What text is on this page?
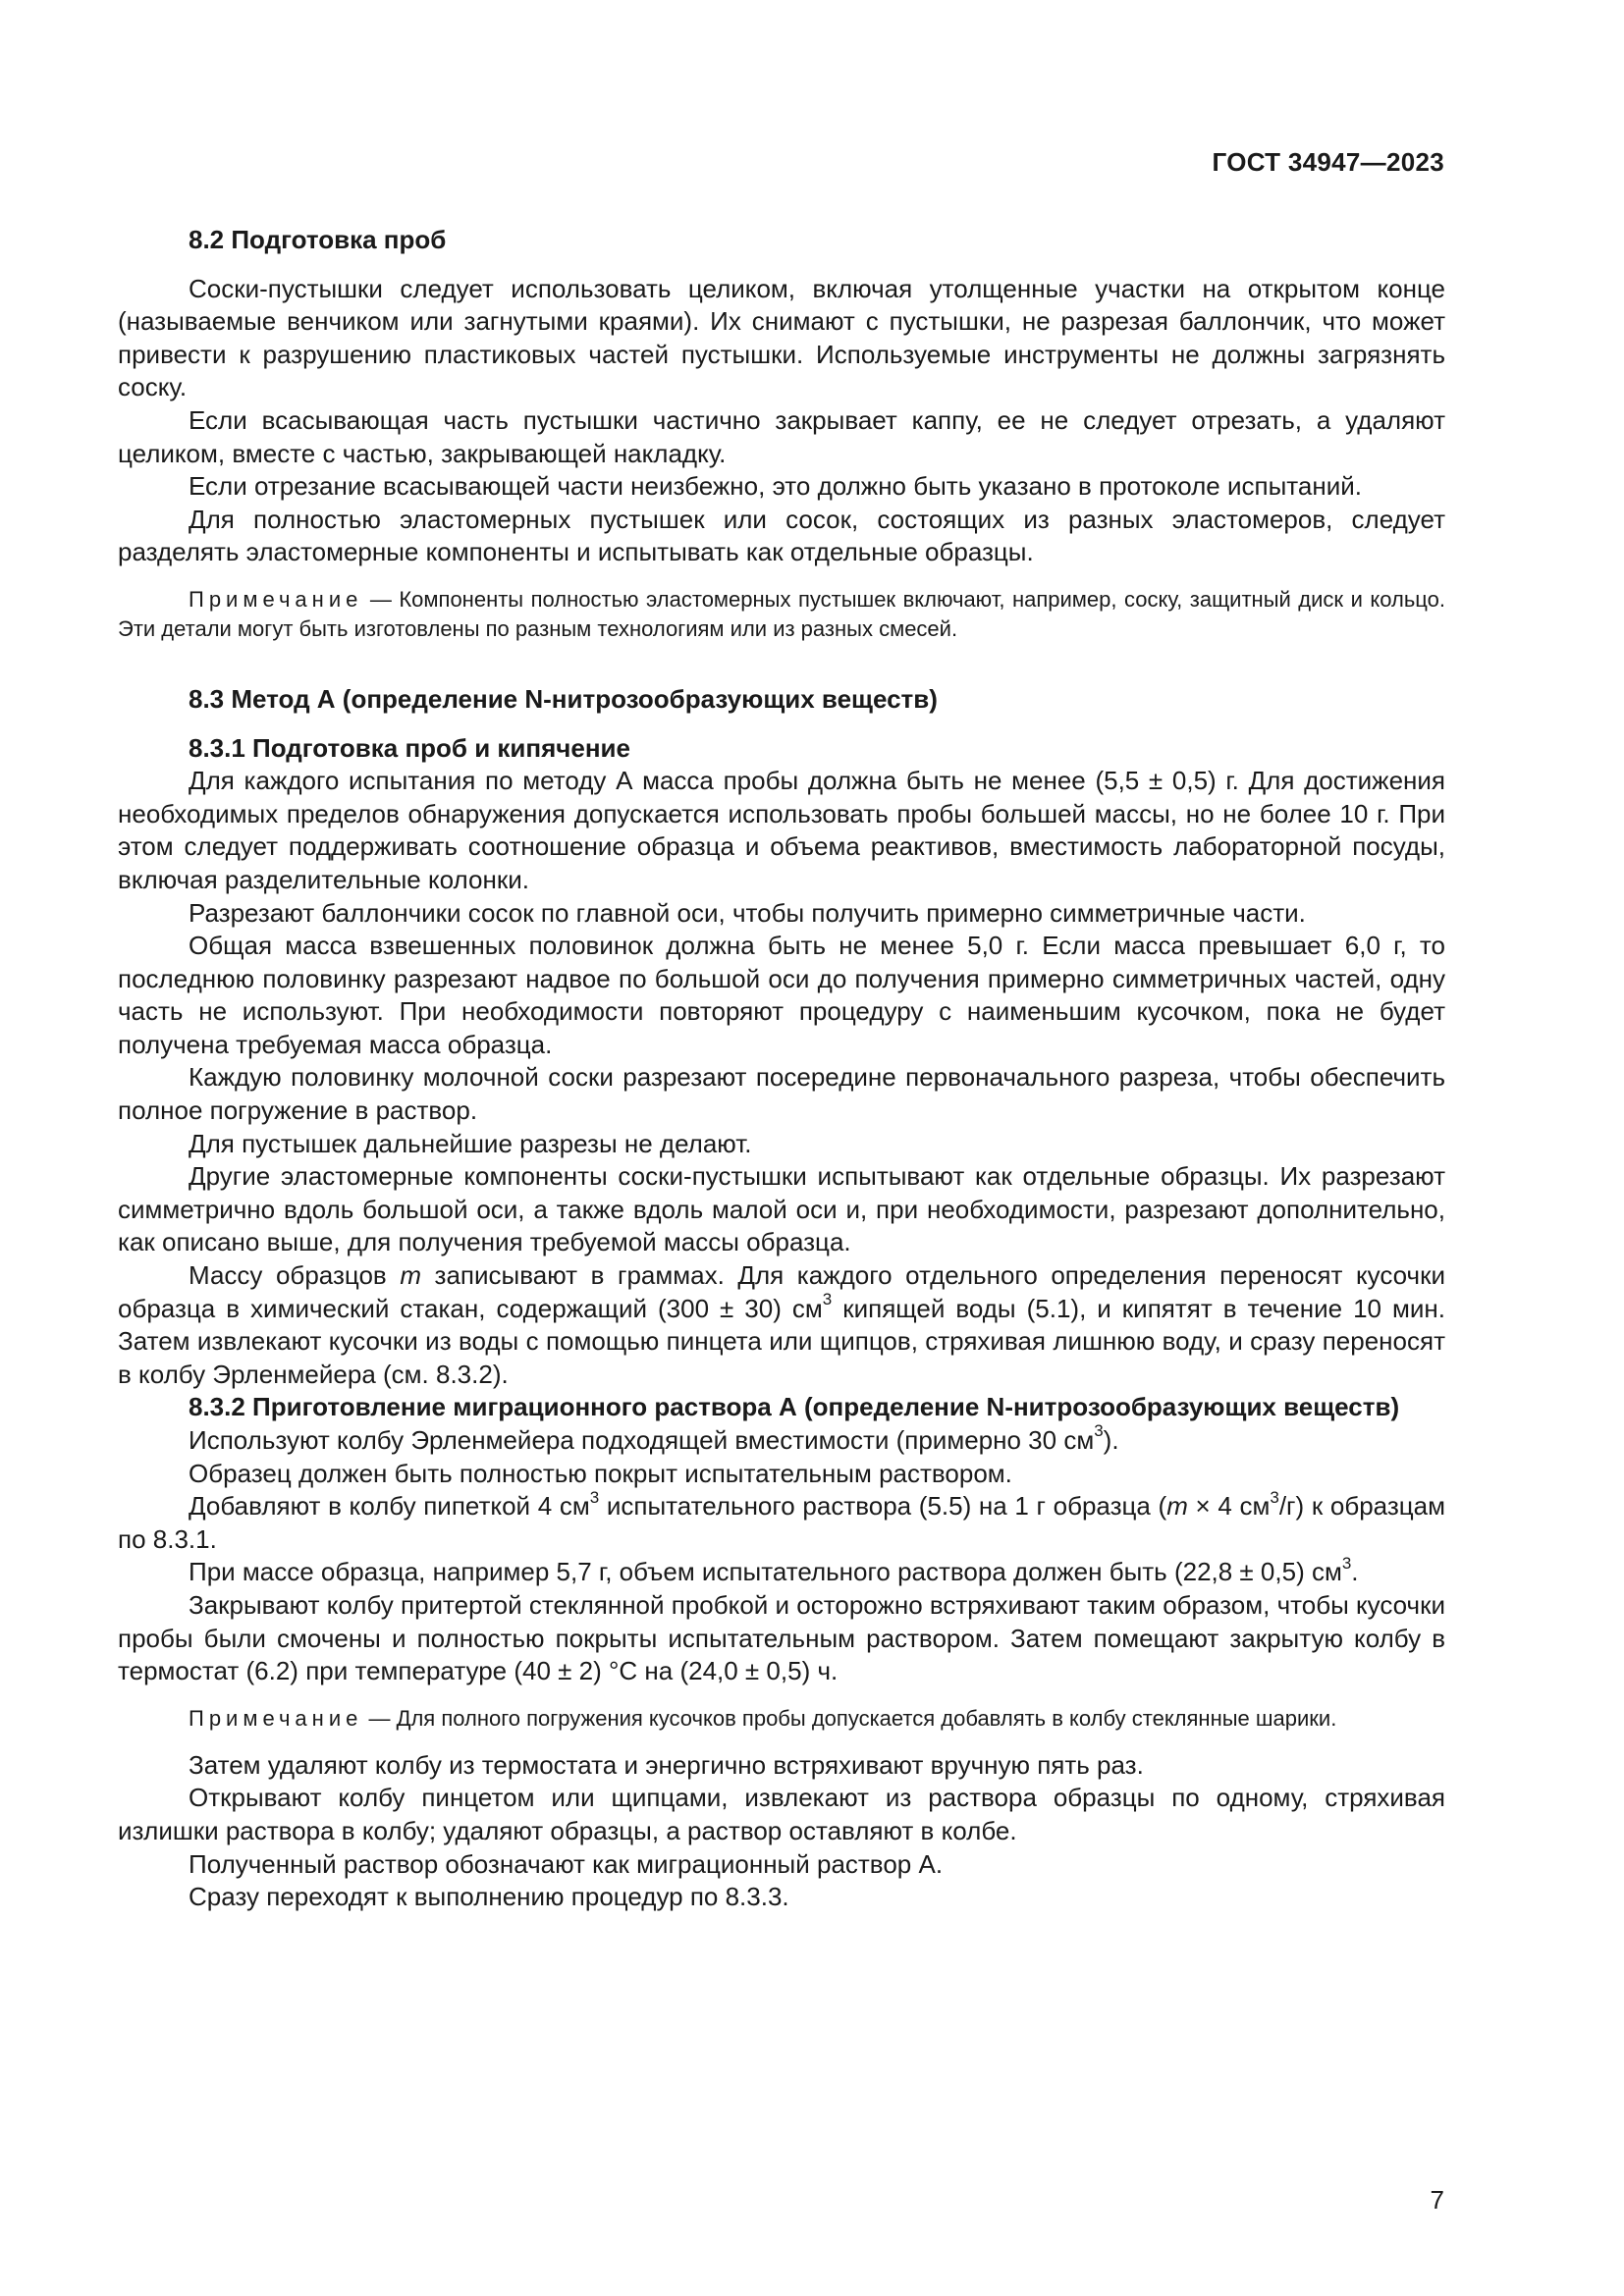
ГОСТ 34947—2023
8.2 Подготовка проб

Соски-пустышки следует использовать целиком, включая утолщенные участки на открытом конце (называемые венчиком или загнутыми краями). Их снимают с пустышки, не разрезая баллончик, что может привести к разрушению пластиковых частей пустышки. Используемые инструменты не должны загрязнять соску.

Если всасывающая часть пустышки частично закрывает каппу, ее не следует отрезать, а удаляют целиком, вместе с частью, закрывающей накладку.

Если отрезание всасывающей части неизбежно, это должно быть указано в протоколе испытаний.

Для полностью эластомерных пустышек или сосок, состоящих из разных эластомеров, следует разделять эластомерные компоненты и испытывать как отдельные образцы.

Примечание — Компоненты полностью эластомерных пустышек включают, например, соску, защитный диск и кольцо. Эти детали могут быть изготовлены по разным технологиям или из разных смесей.

8.3 Метод А (определение N-нитрозообразующих веществ)
8.3.1 Подготовка проб и кипячение

Для каждого испытания по методу А масса пробы должна быть не менее (5,5 ± 0,5) г. Для достижения необходимых пределов обнаружения допускается использовать пробы большей массы, но не более 10 г. При этом следует поддерживать соотношение образца и объема реактивов, вместимость лабораторной посуды, включая разделительные колонки.

Разрезают баллончики сосок по главной оси, чтобы получить примерно симметричные части.

Общая масса взвешенных половинок должна быть не менее 5,0 г. Если масса превышает 6,0 г, то последнюю половинку разрезают надвое по большой оси до получения примерно симметричных частей, одну часть не используют. При необходимости повторяют процедуру с наименьшим кусочком, пока не будет получена требуемая масса образца.

Каждую половинку молочной соски разрезают посередине первоначального разреза, чтобы обеспечить полное погружение в раствор.

Для пустышек дальнейшие разрезы не делают.

Другие эластомерные компоненты соски-пустышки испытывают как отдельные образцы. Их разрезают симметрично вдоль большой оси, а также вдоль малой оси и, при необходимости, разрезают дополнительно, как описано выше, для получения требуемой массы образца.

Массу образцов m записывают в граммах. Для каждого отдельного определения переносят кусочки образца в химический стакан, содержащий (300 ± 30) $см^3$ кипящей воды (5.1), и кипятят в течение 10 мин. Затем извлекают кусочки из воды с помощью пинцета или щипцов, стряхивая лишнюю воду, и сразу переносят в колбу Эрленмейера (см. 8.3.2).

8.3.2 Приготовление миграционного раствора А (определение N-нитрозообразующих веществ)

Используют колбу Эрленмейера подходящей вместимости (примерно 30 $см^3$).

Образец должен быть полностью покрыт испытательным раствором.

Добавляют в колбу пипеткой 4 $см^3$ испытательного раствора (5.5) на 1 г образца (m × 4 $см^3/г$) к образцам по 8.3.1.

При массе образца, например 5,7 г, объем испытательного раствора должен быть (22,8 ± 0,5) $см^3$.

Закрывают колбу притертой стеклянной пробкой и осторожно встряхивают таким образом, чтобы кусочки пробы были смочены и полностью покрыты испытательным раствором. Затем помещают закрытую колбу в термостат (6.2) при температуре (40 ± 2) °С на (24,0 ± 0,5) ч.

Примечание — Для полного погружения кусочков пробы допускается добавлять в колбу стеклянные шарики.

Затем удаляют колбу из термостата и энергично встряхивают вручную пять раз.

Открывают колбу пинцетом или щипцами, извлекают из раствора образцы по одному, стряхивая излишки раствора в колбу; удаляют образцы, а раствор оставляют в колбе.

Полученный раствор обозначают как миграционный раствор А.

Сразу переходят к выполнению процедур по 8.3.3.

7
